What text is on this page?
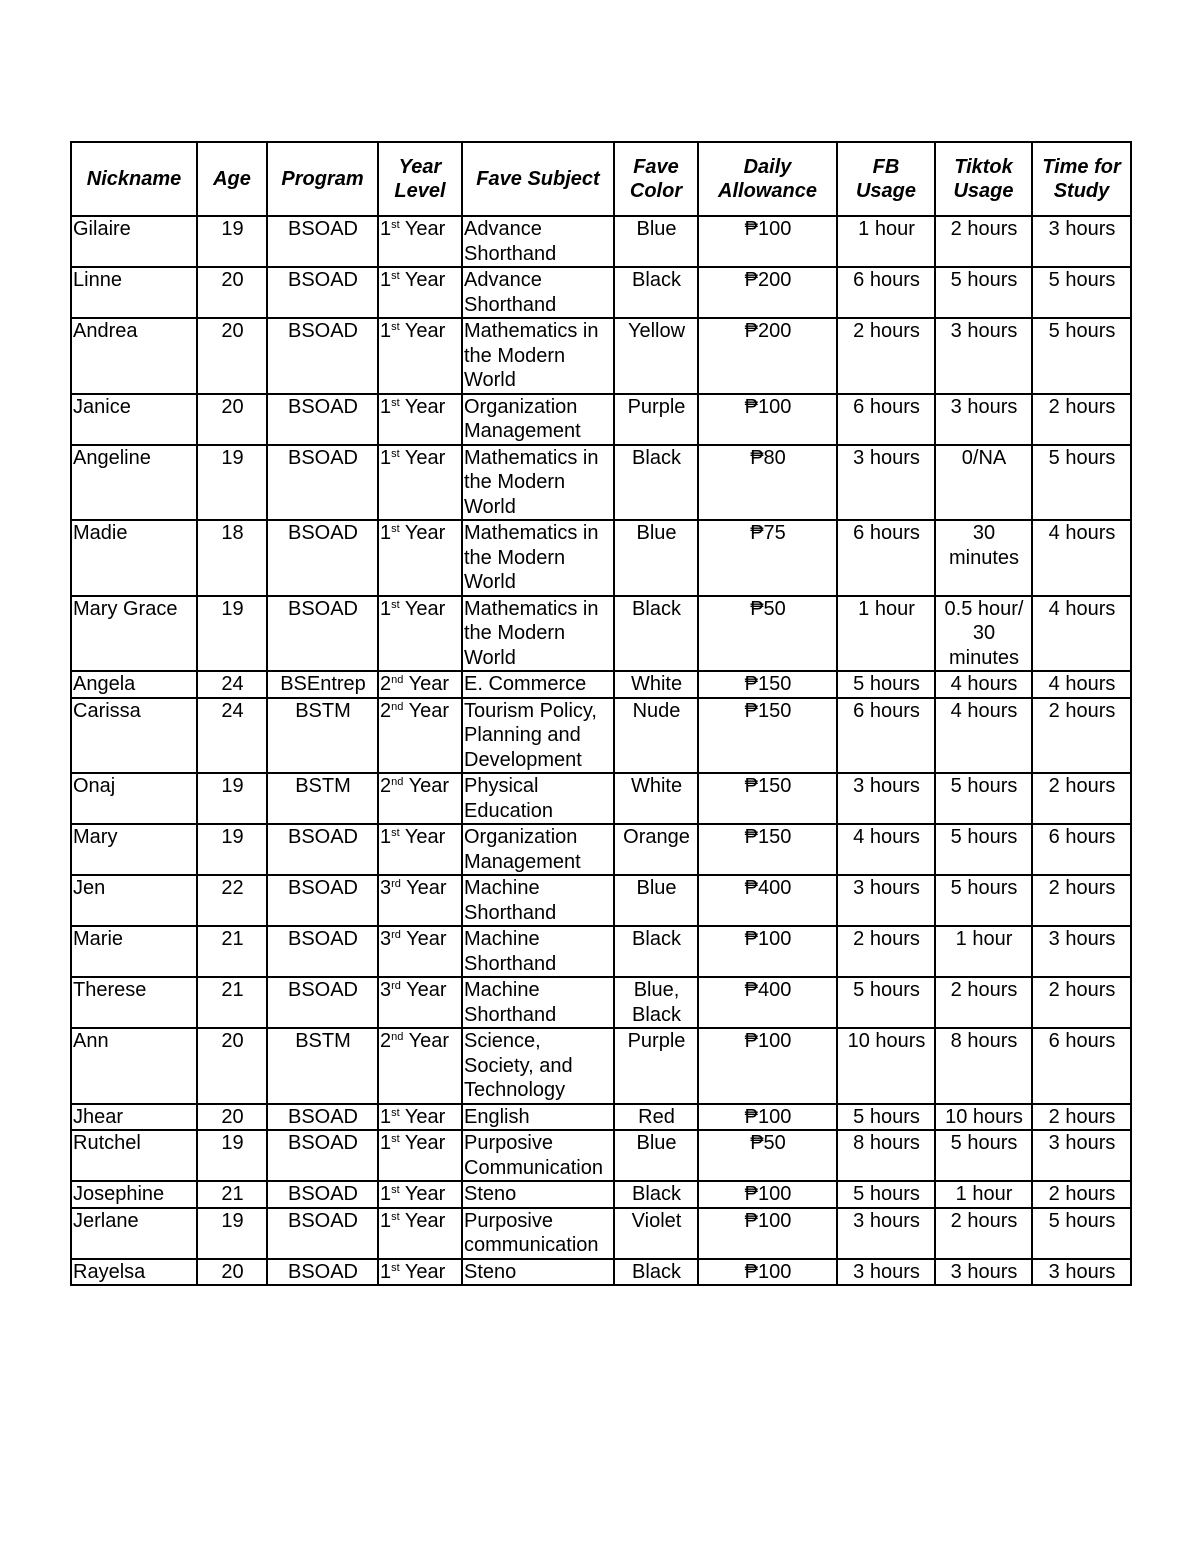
Nickname	Age	Program	Year Level	Fave Subject	Fave Color	Daily Allowance	FB Usage	Tiktok Usage	Time for Study
Gilaire	19	BSOAD	1st Year	Advance Shorthand	Blue	₱100	1 hour	2 hours	3 hours
Linne	20	BSOAD	1st Year	Advance Shorthand	Black	₱200	6 hours	5 hours	5 hours
Andrea	20	BSOAD	1st Year	Mathematics in the Modern World	Yellow	₱200	2 hours	3 hours	5 hours
Janice	20	BSOAD	1st Year	Organization Management	Purple	₱100	6 hours	3 hours	2 hours
Angeline	19	BSOAD	1st Year	Mathematics in the Modern World	Black	₱80	3 hours	0/NA	5 hours
Madie	18	BSOAD	1st Year	Mathematics in the Modern World	Blue	₱75	6 hours	30 minutes	4 hours
Mary Grace	19	BSOAD	1st Year	Mathematics in the Modern World	Black	₱50	1 hour	0.5 hour/ 30 minutes	4 hours
Angela	24	BSEntrep	2nd Year	E. Commerce	White	₱150	5 hours	4 hours	4 hours
Carissa	24	BSTM	2nd Year	Tourism Policy, Planning and Development	Nude	₱150	6 hours	4 hours	2 hours
Onaj	19	BSTM	2nd Year	Physical Education	White	₱150	3 hours	5 hours	2 hours
Mary	19	BSOAD	1st Year	Organization Management	Orange	₱150	4 hours	5 hours	6 hours
Jen	22	BSOAD	3rd Year	Machine Shorthand	Blue	₱400	3 hours	5 hours	2 hours
Marie	21	BSOAD	3rd Year	Machine Shorthand	Black	₱100	2 hours	1 hour	3 hours
Therese	21	BSOAD	3rd Year	Machine Shorthand	Blue, Black	₱400	5 hours	2 hours	2 hours
Ann	20	BSTM	2nd Year	Science, Society, and Technology	Purple	₱100	10 hours	8 hours	6 hours
Jhear	20	BSOAD	1st Year	English	Red	₱100	5 hours	10 hours	2 hours
Rutchel	19	BSOAD	1st Year	Purposive Communication	Blue	₱50	8 hours	5 hours	3 hours
Josephine	21	BSOAD	1st Year	Steno	Black	₱100	5 hours	1 hour	2 hours
Jerlane	19	BSOAD	1st Year	Purposive communication	Violet	₱100	3 hours	2 hours	5 hours
Rayelsa	20	BSOAD	1st Year	Steno	Black	₱100	3 hours	3 hours	3 hours
